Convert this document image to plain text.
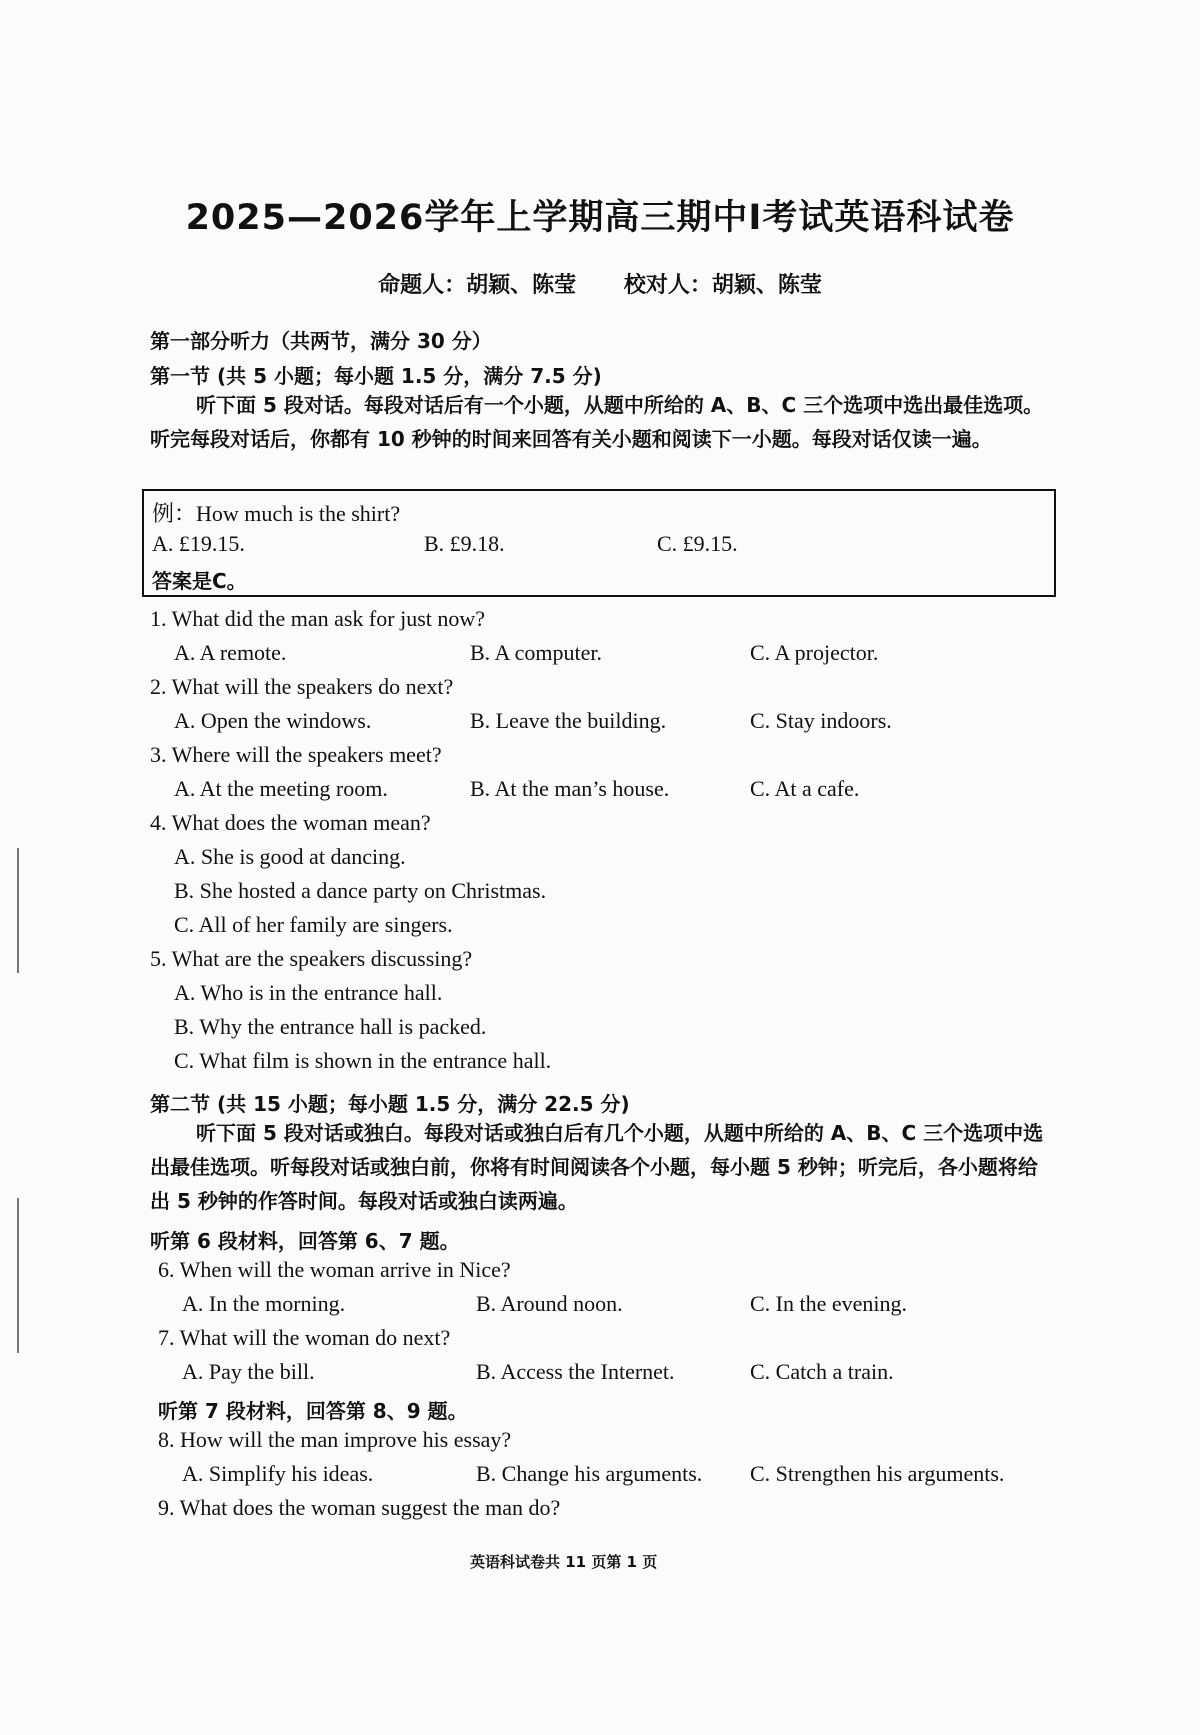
2025—2026学年上学期高三期中Ⅰ考试英语科试卷
命题人：胡颖、陈莹 校对人：胡颖、陈莹
第一部分听力（共两节，满分 30 分）
第一节 (共 5 小题；每小题 1.5 分，满分 7.5 分)
听下面 5 段对话。每段对话后有一个小题，从题中所给的 A、B、C 三个选项中选出最佳选项。听完每段对话后，你都有 10 秒钟的时间来回答有关小题和阅读下一小题。每段对话仅读一遍。
例：How much is the shirt?
A. £19.15.	B. £9.18.	C. £9.15.
答案是C。
1. What did the man ask for just now?
A. A remote.	B. A computer.	C. A projector.
2. What will the speakers do next?
A. Open the windows.	B. Leave the building.	C. Stay indoors.
3. Where will the speakers meet?
A. At the meeting room.	B. At the man’s house.	C. At a cafe.
4. What does the woman mean?
A. She is good at dancing.
B. She hosted a dance party on Christmas.
C. All of her family are singers.
5. What are the speakers discussing?
A. Who is in the entrance hall.
B. Why the entrance hall is packed.
C. What film is shown in the entrance hall.
第二节 (共 15 小题；每小题 1.5 分，满分 22.5 分)
听下面 5 段对话或独白。每段对话或独白后有几个小题，从题中所给的 A、B、C 三个选项中选出最佳选项。听每段对话或独白前，你将有时间阅读各个小题，每小题 5 秒钟；听完后，各小题将给出 5 秒钟的作答时间。每段对话或独白读两遍。
听第 6 段材料，回答第 6、7 题。
6. When will the woman arrive in Nice?
A. In the morning.	B. Around noon.	C. In the evening.
7. What will the woman do next?
A. Pay the bill.	B. Access the Internet.	C. Catch a train.
听第 7 段材料，回答第 8、9 题。
8. How will the man improve his essay?
A. Simplify his ideas.	B. Change his arguments. C. Strengthen his arguments.
9. What does the woman suggest the man do?
英语科试卷共 11 页第 1 页
